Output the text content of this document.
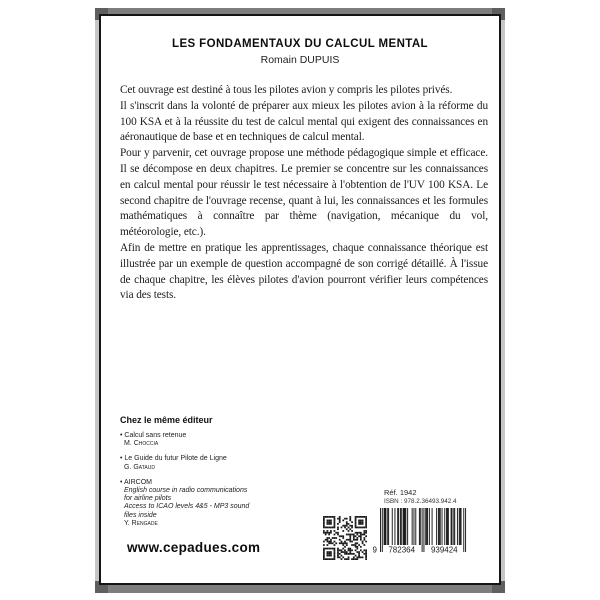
LES FONDAMENTAUX DU CALCUL MENTAL
Romain DUPUIS

Cet ouvrage est destiné à tous les pilotes avion y compris les pilotes privés.

Il s'inscrit dans la volonté de préparer aux mieux les pilotes avion à la réforme du 100 KSA et à la réussite du test de calcul mental qui exigent des connaissances en aéronautique de base et en techniques de calcul mental.

Pour y parvenir, cet ouvrage propose une méthode pédagogique simple et efficace. Il se décompose en deux chapitres. Le premier se concentre sur les connaissances en calcul mental pour réussir le test nécessaire à l'obtention de l'UV 100 KSA. Le second chapitre de l'ouvrage recense, quant à lui, les connaissances et les formules mathématiques à connaître par thème (navigation, mécanique du vol, météorologie, etc.).

Afin de mettre en pratique les apprentissages, chaque connaissance théorique est illustrée par un exemple de question accompagné de son corrigé détaillé. À l'issue de chaque chapitre, les élèves pilotes d'avion pourront vérifier leurs compétences via des tests.

Chez le même éditeur
• Calcul sans retenue
M. Choccia
• Le Guide du futur Pilote de Ligne
G. Gataud
• AIRCOM
English course in radio communications
for airline pilots
Access to ICAO levels 4&5 - MP3 sound
files inside
Y. Rengade
www.cepadues.com
Réf. 1942
ISBN : 978.2.36493.942.4
9 782364 939424
